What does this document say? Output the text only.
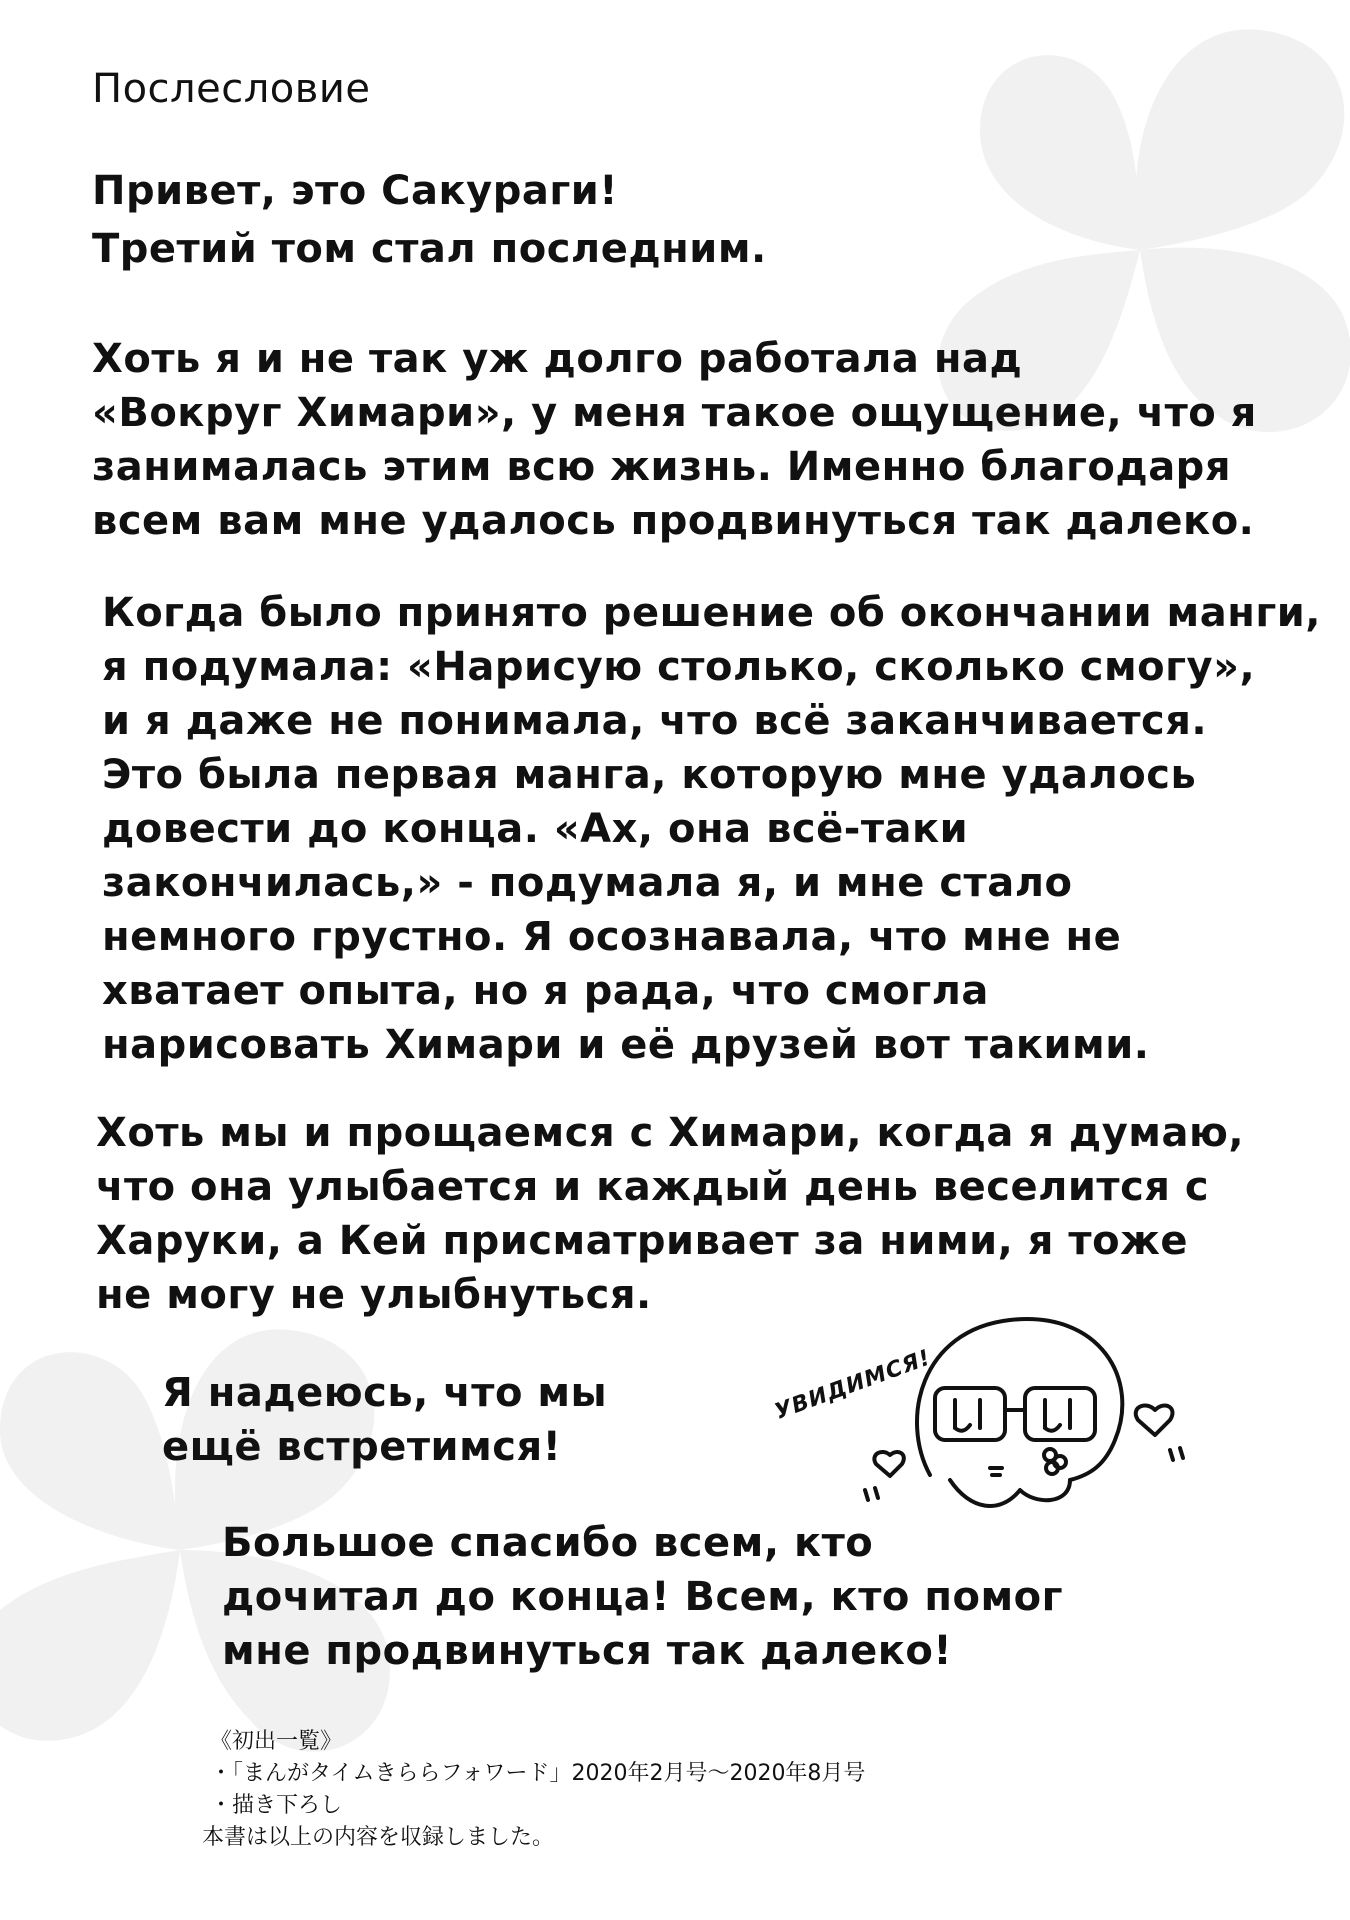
Послесловие
Привет, это Сакураги!
Третий том стал последним.
Хоть я и не так уж долго работала над
«Вокруг Химари», у меня такое ощущение, что я
занималась этим всю жизнь. Именно благодаря
всем вам мне удалось продвинуться так далеко.
Когда было принято решение об окончании манги,
я подумала: «Нарисую столько, сколько смогу»,
и я даже не понимала, что всё заканчивается.
Это была первая манга, которую мне удалось
довести до конца. «Ах, она всё-таки
закончилась,» - подумала я, и мне стало
немного грустно. Я осознавала, что мне не
хватает опыта, но я рада, что смогла
нарисовать Химари и её друзей вот такими.
Хоть мы и прощаемся с Химари, когда я думаю,
что она улыбается и каждый день веселится с
Харуки, а Кей присматривает за ними, я тоже
не могу не улыбнуться.
Я надеюсь, что мы
ещё встретимся!
УВИДИМСЯ!
Большое спасибо всем, кто
дочитал до конца! Всем, кто помог
мне продвинуться так далеко!
《初出一覧》
・「まんがタイムきららフォワード」2020年2月号〜2020年8月号
・描き下ろし
本書は以上の内容を収録しました。
